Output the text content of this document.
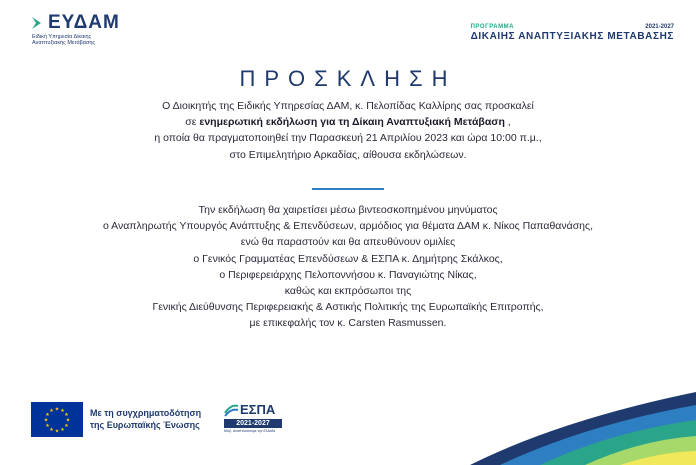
ΕΥΔΑΜ
Ειδική Υπηρεσία Δίκαιης Αναπτυξιακής Μετάβασης
ΠΡΟΓΡΑΜΜΑ	2021-2027
ΔΙΚΑΙΗΣ ΑΝΑΠΤΥΞΙΑΚΗΣ ΜΕΤΑΒΑΣΗΣ
ΠΡΟΣΚΛΗΣΗ
Ο Διοικητής της Ειδικής Υπηρεσίας ΔΑΜ, κ. Πελοπίδας Καλλίρης σας προσκαλεί
σε ενημερωτική εκδήλωση για τη Δίκαιη Αναπτυξιακή Μετάβαση ,
η οποία θα πραγματοποιηθεί την Παρασκευή 21 Απριλίου 2023 και ώρα 10:00 π.μ.,
στο Επιμελητήριο Αρκαδίας, αίθουσα εκδηλώσεων.
Την εκδήλωση θα χαιρετίσει μέσω βιντεοσκοπημένου μηνύματος
ο Αναπληρωτής Υπουργός Ανάπτυξης & Επενδύσεων, αρμόδιος για θέματα ΔΑΜ κ. Νίκος Παπαθανάσης,
ενώ θα παραστούν και θα απευθύνουν ομιλίες
ο Γενικός Γραμματέας Επενδύσεων & ΕΣΠΑ κ. Δημήτρης Σκάλκος,
ο Περιφερειάρχης Πελοποννήσου κ. Παναγιώτης Νίκας,
καθώς και εκπρόσωποι της
Γενικής Διεύθυνσης Περιφερειακής & Αστικής Πολιτικής της Ευρωπαϊκής Επιτροπής,
με επικεφαλής τον κ. Carsten Rasmussen.
★ ★
★
★
★
★
★
★
★
★
★
★	Με τη συγχρηματοδότηση
της Ευρωπαϊκής Ένωσης
ΕΣΠΑ
2021-2027
Μαζί. Αναπτύσσουμε την Ελλάδα
